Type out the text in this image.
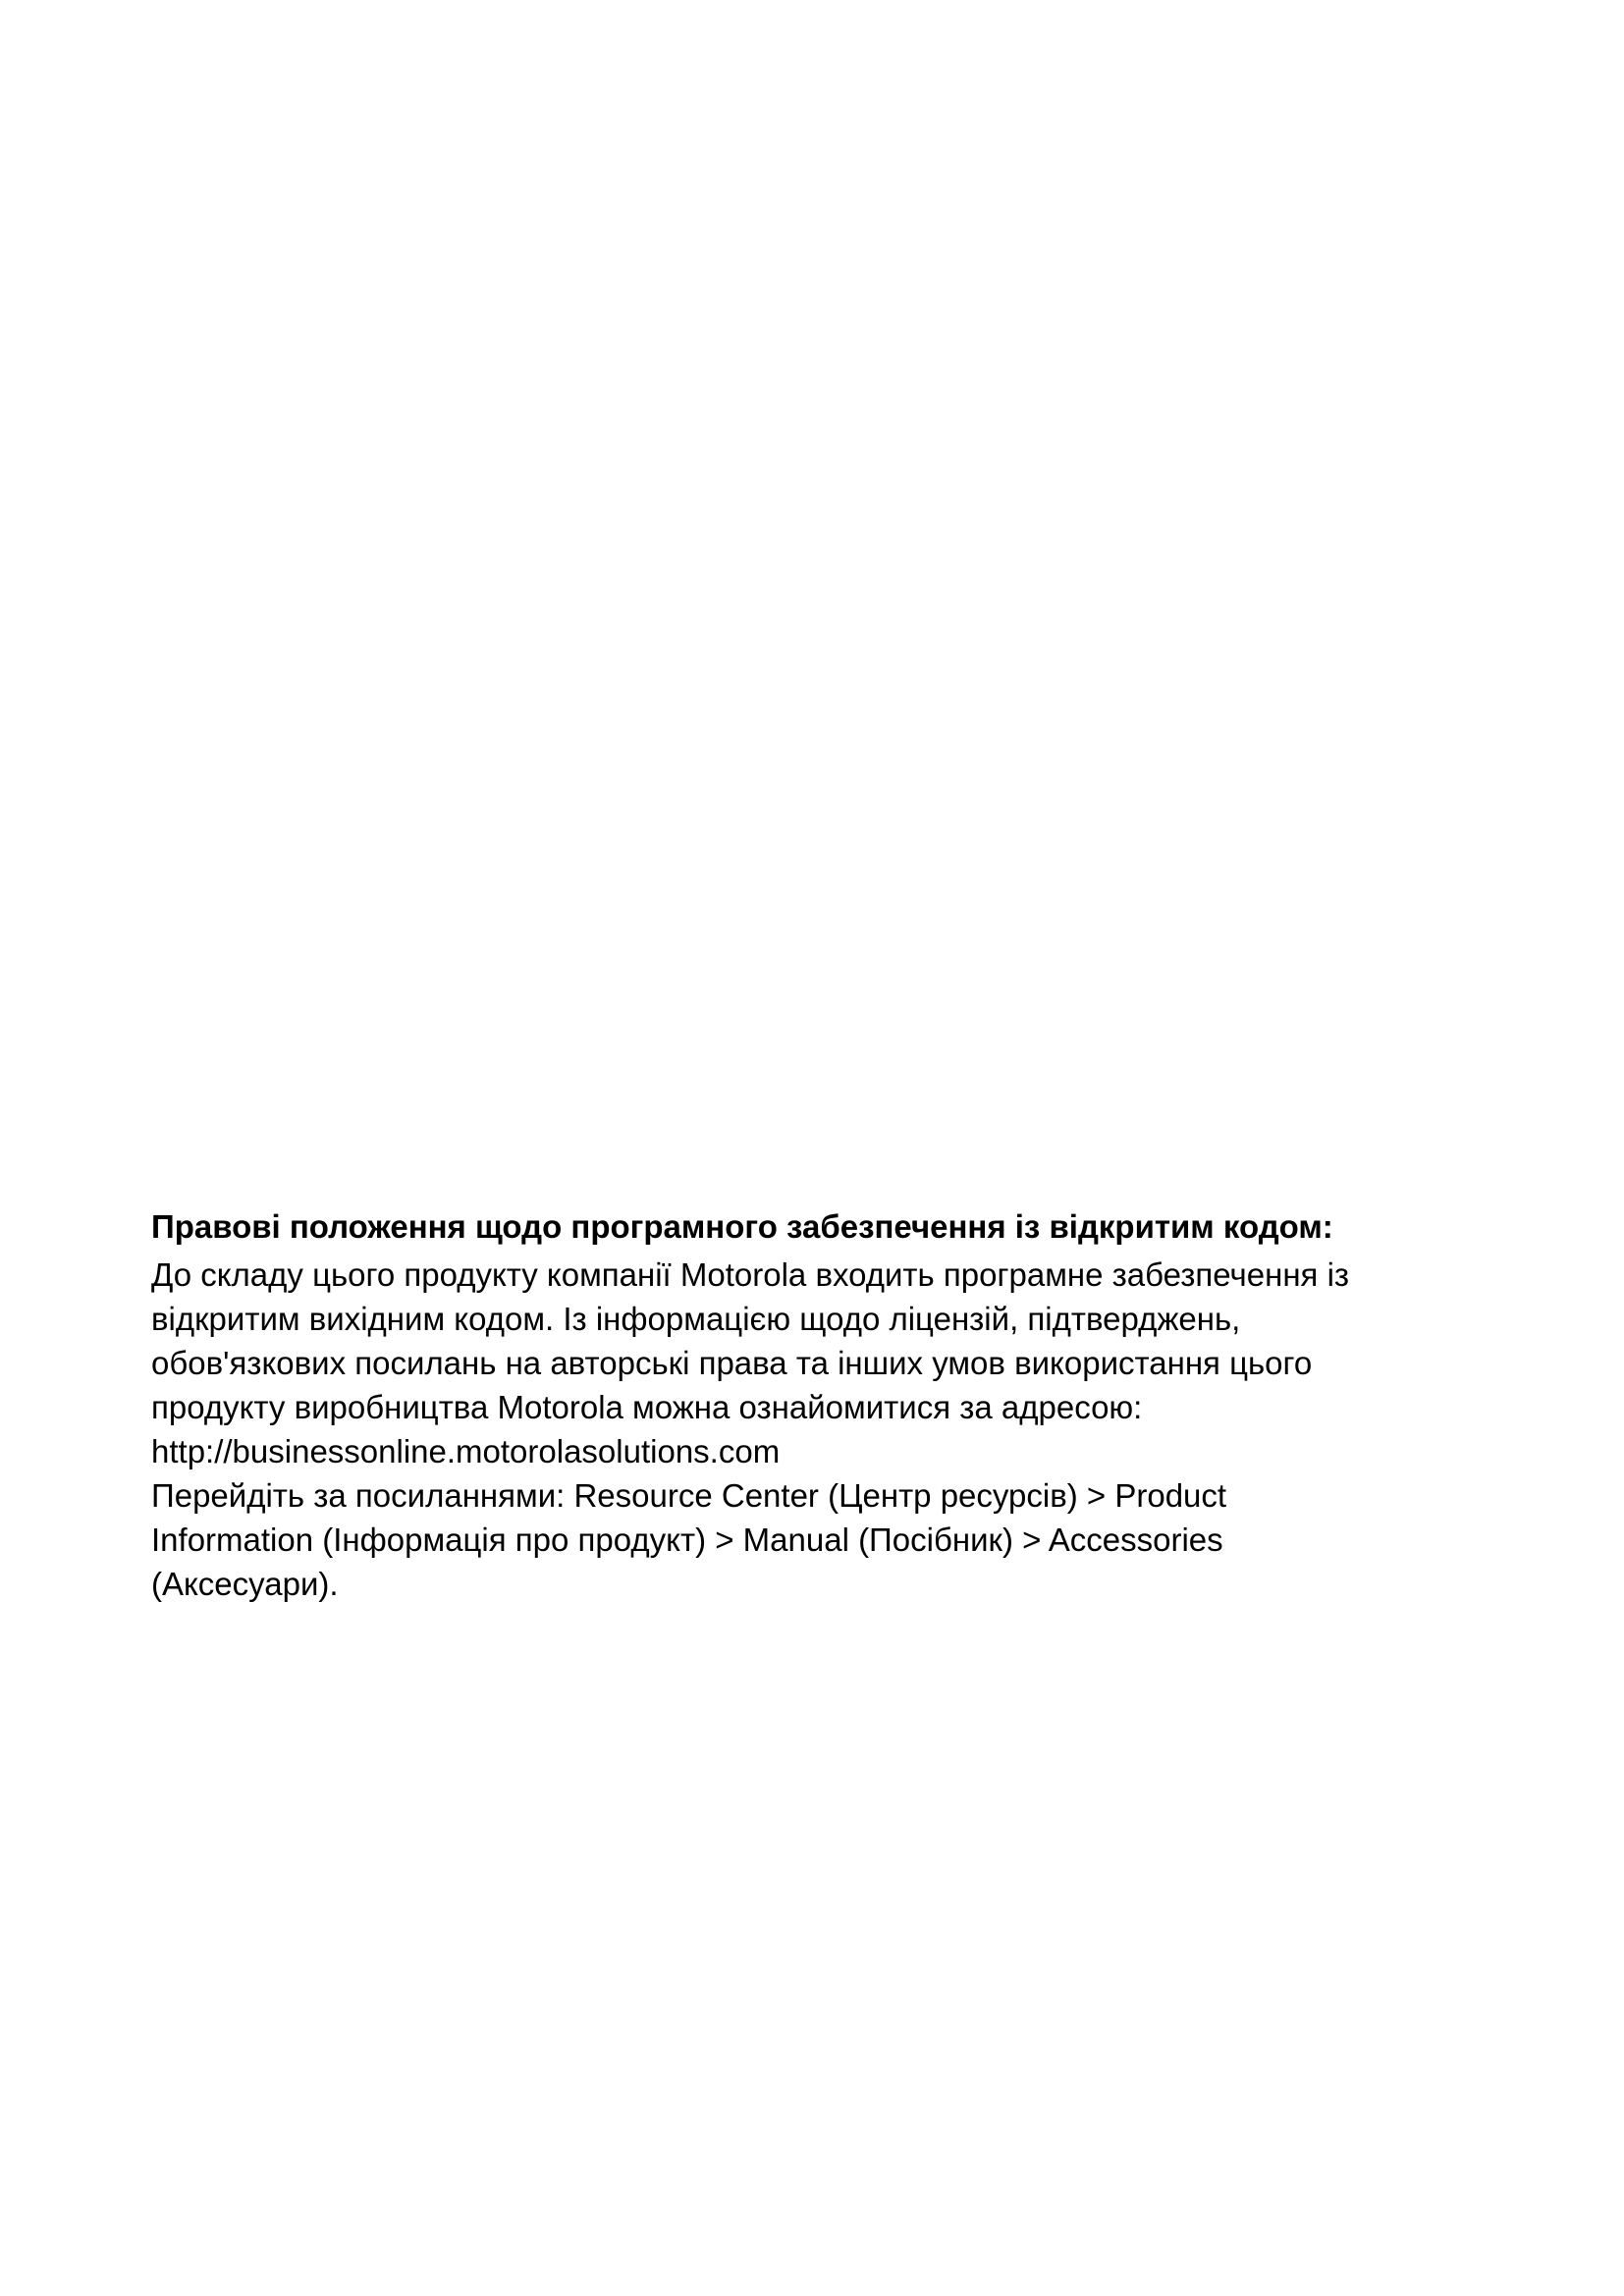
Правові положення щодо програмного забезпечення із відкритим кодом:
До складу цього продукту компанії Motorola входить програмне забезпечення із
відкритим вихідним кодом. Із інформацією щодо ліцензій, підтверджень,
обов'язкових посилань на авторські права та інших умов використання цього
продукту виробництва Motorola можна ознайомитися за адресою:
http://businessonline.motorolasolutions.com
Перейдіть за посиланнями: Resource Center (Центр ресурсів) > Product
Information (Інформація про продукт) > Manual (Посібник) > Accessories
(Аксесуари).
